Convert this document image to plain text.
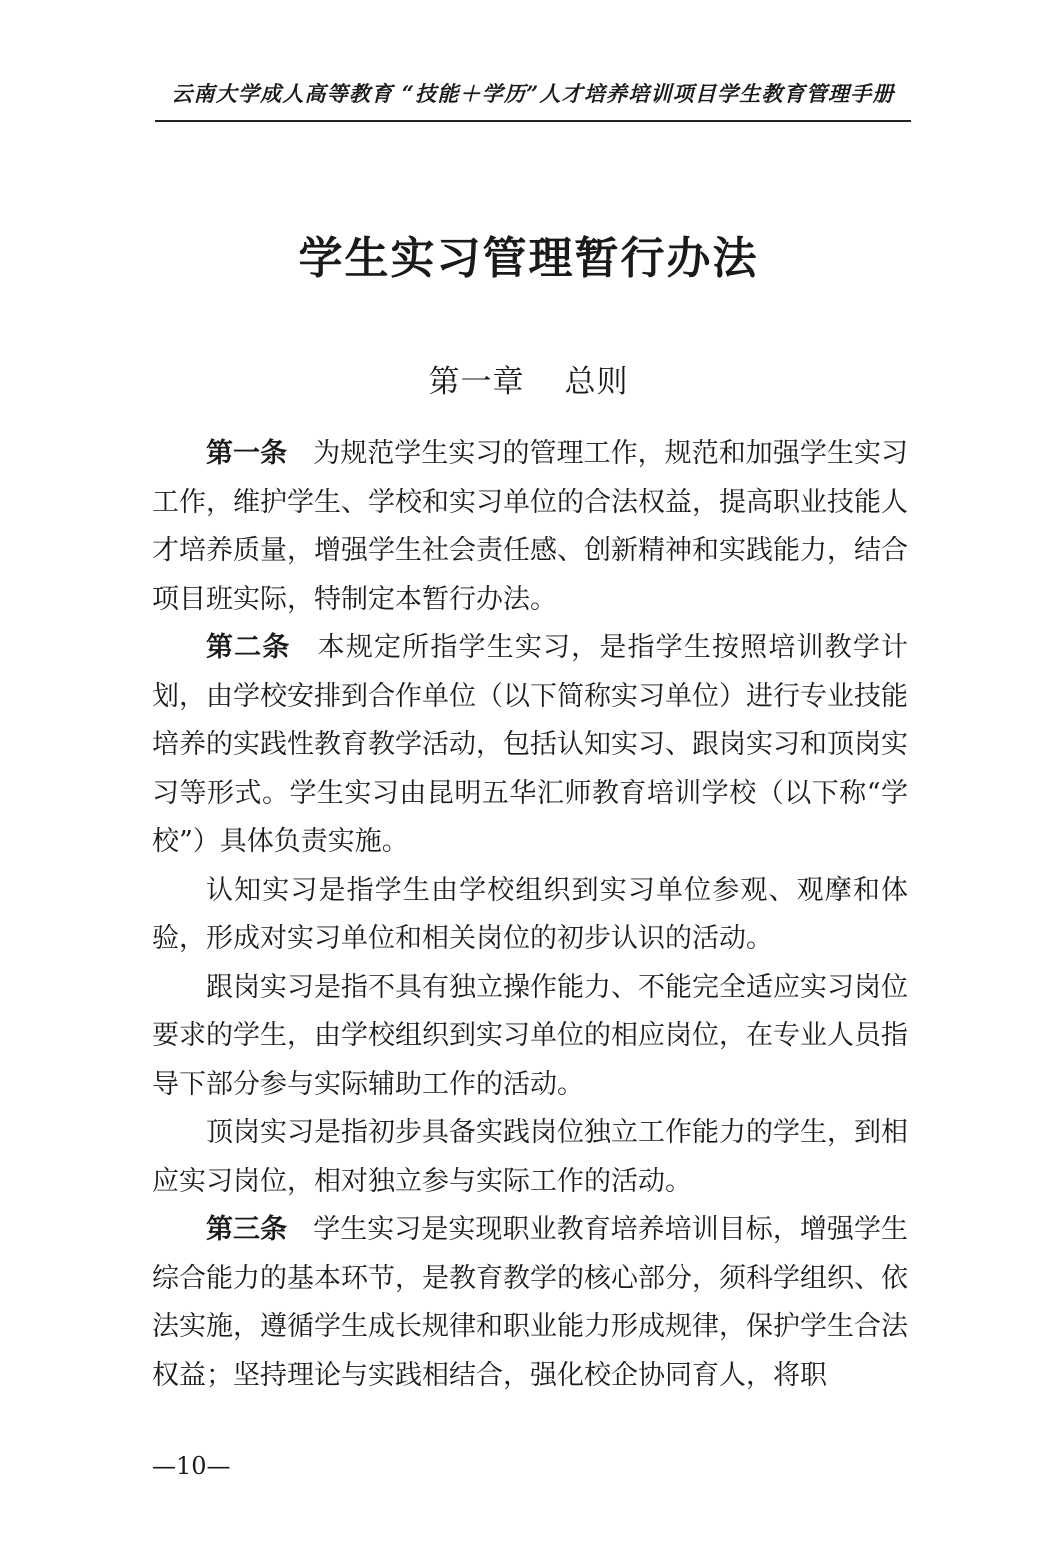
云南大学成人高等教育 “技能＋学历”人才培养培训项目学生教育管理手册
学生实习管理暂行办法
第一章 总则

第一条 为规范学生实习的管理工作，规范和加强学生实习工作，维护学生、学校和实习单位的合法权益，提高职业技能人才培养质量，增强学生社会责任感、创新精神和实践能力，结合项目班实际，特制定本暂行办法。

第二条 本规定所指学生实习，是指学生按照培训教学计划，由学校安排到合作单位（以下简称实习单位）进行专业技能培养的实践性教育教学活动，包括认知实习、跟岗实习和顶岗实习等形式。学生实习由昆明五华汇师教育培训学校（以下称“学校”）具体负责实施。

认知实习是指学生由学校组织到实习单位参观、观摩和体验，形成对实习单位和相关岗位的初步认识的活动。

跟岗实习是指不具有独立操作能力、不能完全适应实习岗位要求的学生，由学校组织到实习单位的相应岗位，在专业人员指导下部分参与实际辅助工作的活动。

顶岗实习是指初步具备实践岗位独立工作能力的学生，到相应实习岗位，相对独立参与实际工作的活动。

第三条 学生实习是实现职业教育培养培训目标，增强学生综合能力的基本环节，是教育教学的核心部分，须科学组织、依法实施，遵循学生成长规律和职业能力形成规律，保护学生合法权益；坚持理论与实践相结合，强化校企协同育人，将职

—10—
